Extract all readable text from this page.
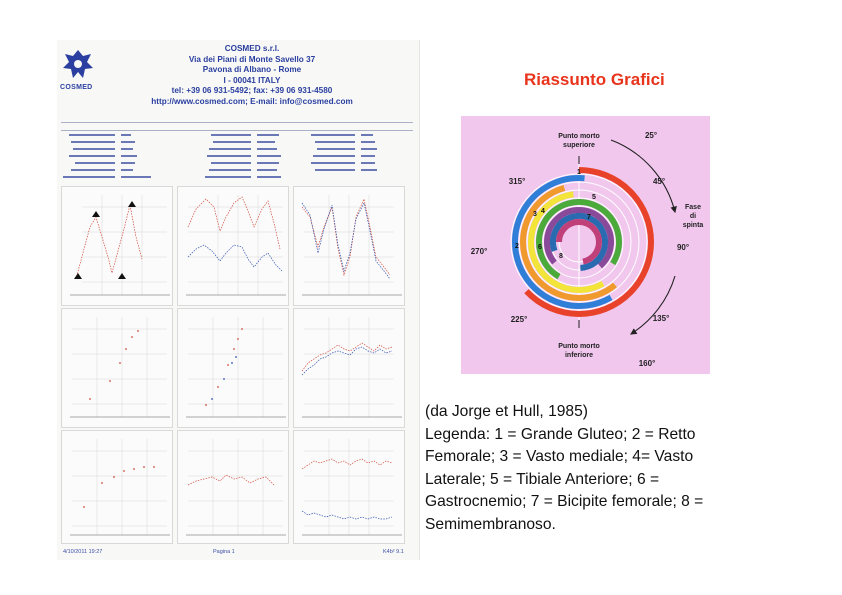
COSMED
COSMED s.r.l.
Via dei Piani di Monte Savello 37
Pavona di Albano - Rome
I - 00041 ITALY
tel: +39 06 931-5492; fax: +39 06 931-4580
http://www.cosmed.com; E-mail: info@cosmed.com
4/10/2011 19:27	Pagina 1	K4b² 9.1
Riassunto Grafici
Punto morto
superiore
Punto morto
inferiore
Fase
di
spinta
25°
45°
90°
135°
160°
225°
270°
315°
1
2
3 4
5
6
7
8
(da Jorge et Hull, 1985)
Legenda: 1 = Grande Gluteo; 2 = Retto
Femorale; 3 = Vasto mediale; 4= Vasto
Laterale; 5 = Tibiale Anteriore; 6 =
Gastrocnemio; 7 = Bicipite femorale; 8 =
Semimembranoso.
